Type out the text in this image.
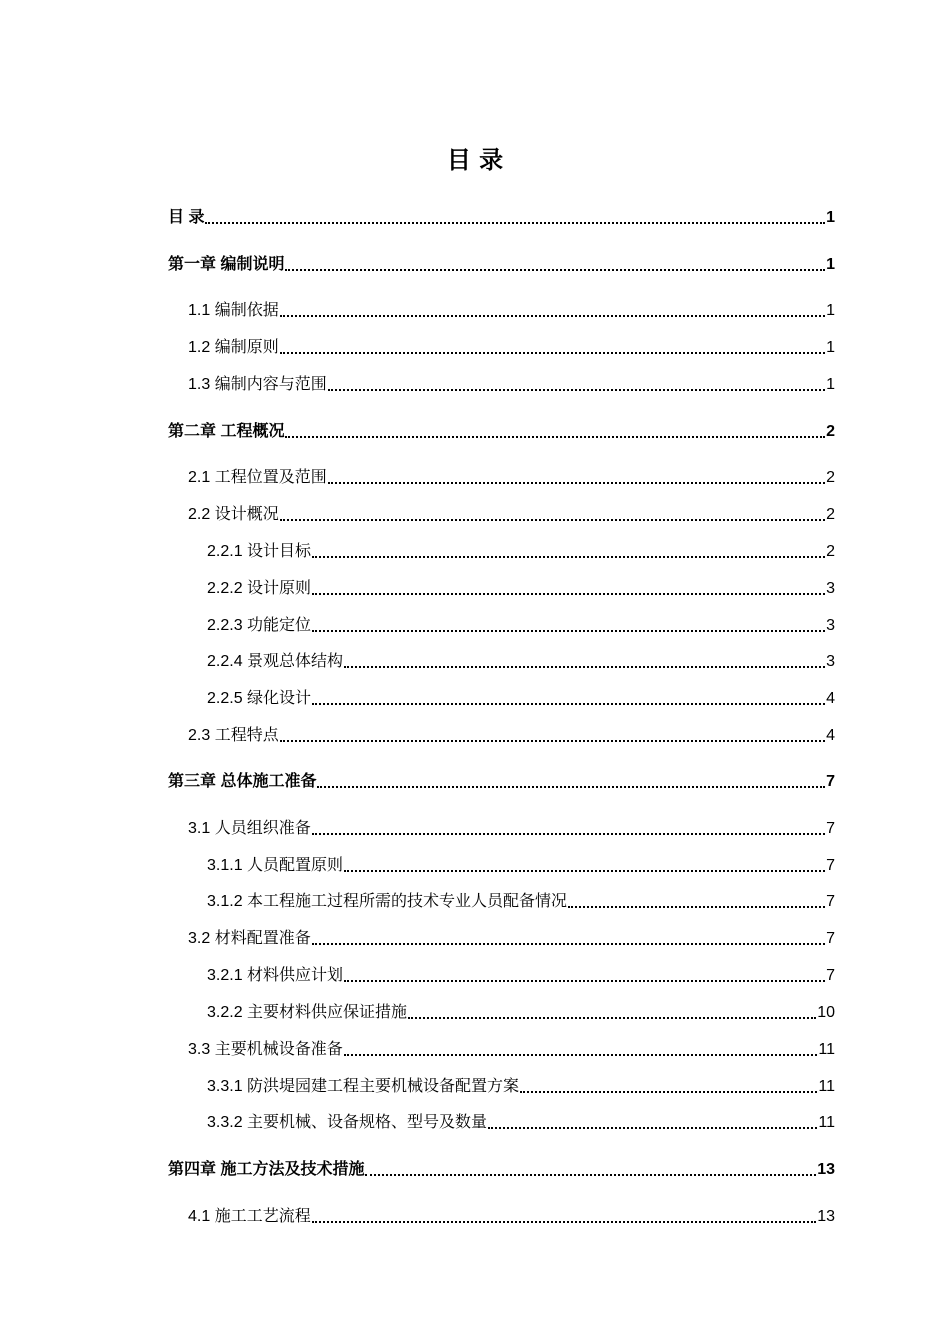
目 录
目 录	1
第一章 编制说明	1
1.1 编制依据	1
1.2 编制原则	1
1.3 编制内容与范围	1
第二章 工程概况	2
2.1 工程位置及范围	2
2.2 设计概况	2
2.2.1 设计目标	2
2.2.2 设计原则	3
2.2.3 功能定位	3
2.2.4 景观总体结构	3
2.2.5 绿化设计	4
2.3 工程特点	4
第三章 总体施工准备	7
3.1 人员组织准备	7
3.1.1 人员配置原则	7
3.1.2 本工程施工过程所需的技术专业人员配备情况	7
3.2 材料配置准备	7
3.2.1 材料供应计划	7
3.2.2 主要材料供应保证措施	10
3.3 主要机械设备准备	11
3.3.1 防洪堤园建工程主要机械设备配置方案	11
3.3.2 主要机械、设备规格、型号及数量	11
第四章 施工方法及技术措施	13
4.1 施工工艺流程	13
